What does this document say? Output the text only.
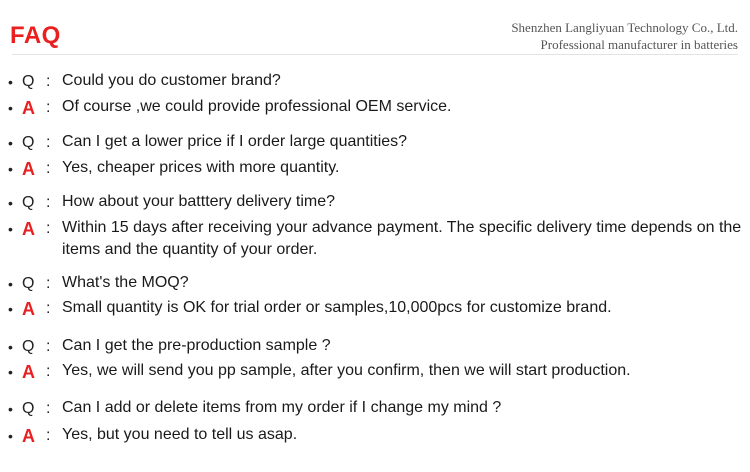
FAQ	Shenzhen Langliyuan Technology Co., Ltd.
Professional manufacturer in batteries
• Q : Could you do customer brand?
• A : Of course ,we could provide professional OEM service.
• Q : Can I get a lower price if I order large quantities?
• A : Yes, cheaper prices with more quantity.
• Q : How about your batttery delivery time?
• A : Within 15 days after receiving your advance payment. The specific delivery time depends on the items and the quantity of your order.
• Q : What's the MOQ?
• A : Small quantity is OK for trial order or samples,10,000pcs for customize brand.
• Q : Can I get the pre-production sample ?
• A : Yes, we will send you pp sample, after you confirm, then we will start production.
• Q : Can I add or delete items from my order if I change my mind ?
• A : Yes, but you need to tell us asap.
